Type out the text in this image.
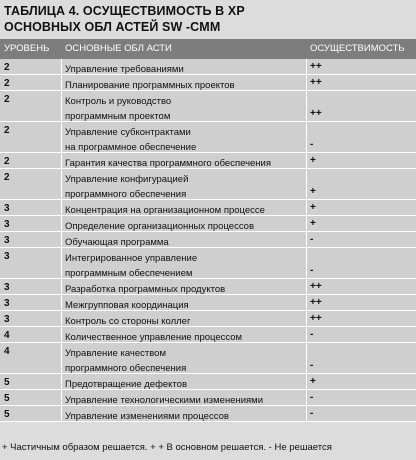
ТАБЛИЦА 4. ОСУЩЕСТВИМОСТЬ В XP
ОСНОВНЫХ ОБЛ АСТЕЙ SW -CMM
УРОВЕНЬ ОСНОВНЫЕ ОБЛ АСТИ	ОСУЩЕСТВИМОСТЬ
2	Управление требованиями	++
2	Планирование программных проектов	++
2	Контроль и руководство
программным проектом	++
2	Управление субконтрактами
на программное обеспечение	-
2	Гарантия качества программного обеспечения	+
2	Управление конфигурацией
программного обеспечения	+
3	Концентрация на организационном процессе	+
3	Определение организационных процессов	+
3	Обучающая программа	-
3	Интегрированное управление
программным обеспечением	-
3	Разработка программных продуктов	++
3	Межгрупповая координация	++
3	Контроль со стороны коллег	++
4	Количественное управление процессом	-
4	Управление качеством
программного обеспечения	-
5	Предотвращение дефектов	+
5	Управление технологическими изменениями	-
5	Управление изменениями процессов	-
+ Частичным образом решается. + + В основном решается. - Не решается
